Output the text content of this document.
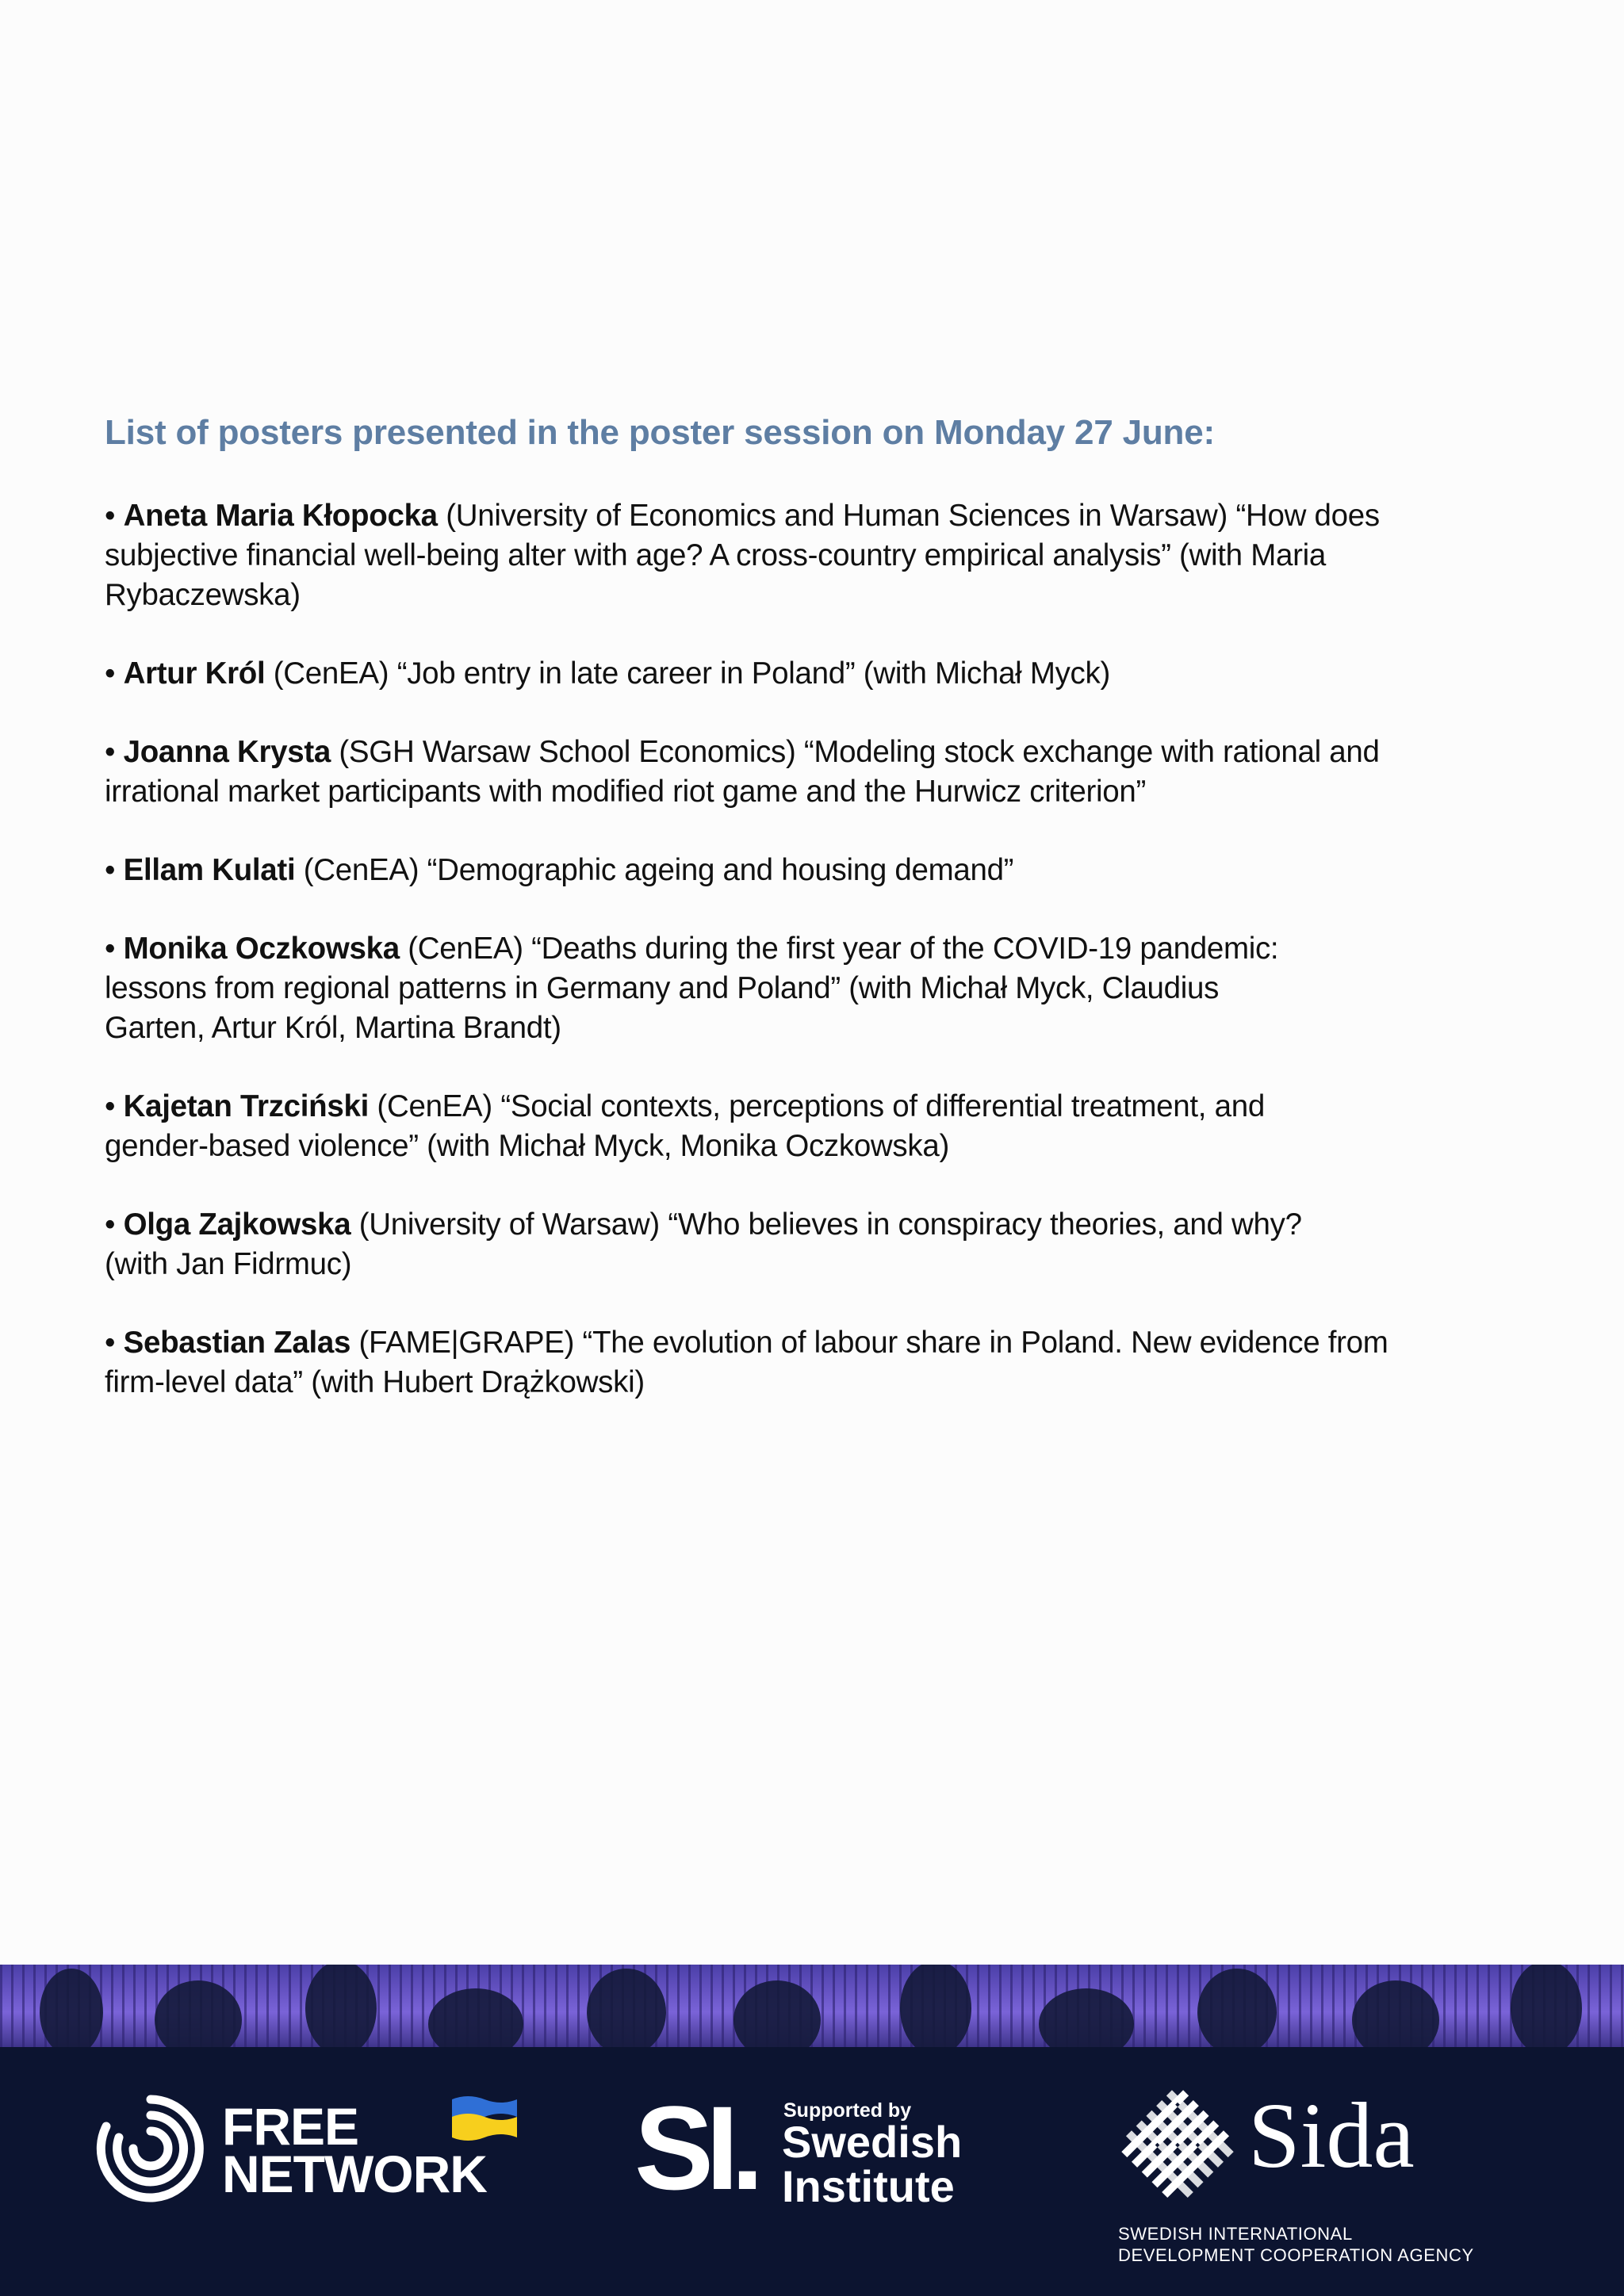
List of posters presented in the poster session on Monday 27 June:
• Aneta Maria Kłopocka (University of Economics and Human Sciences in Warsaw) “How does
subjective financial well-being alter with age? A cross-country empirical analysis” (with Maria
Rybaczewska)
• Artur Król (CenEA) “Job entry in late career in Poland” (with Michał Myck)
• Joanna Krysta (SGH Warsaw School Economics) “Modeling stock exchange with rational and
irrational market participants with modified riot game and the Hurwicz criterion”
• Ellam Kulati (CenEA) “Demographic ageing and housing demand”
• Monika Oczkowska (CenEA) “Deaths during the first year of the COVID-19 pandemic:
lessons from regional patterns in Germany and Poland” (with Michał Myck, Claudius
Garten, Artur Król, Martina Brandt)
• Kajetan Trzciński (CenEA) “Social contexts, perceptions of differential treatment, and
gender-based violence” (with Michał Myck, Monika Oczkowska)
• Olga Zajkowska (University of Warsaw) “Who believes in conspiracy theories, and why?
(with Jan Fidrmuc)
• Sebastian Zalas (FAME|GRAPE) “The evolution of labour share in Poland. New evidence from
firm-level data” (with Hubert Drążkowski)
FREE
NETWORK SI. Supported by
Swedish
Institute	Sida
SWEDISH INTERNATIONAL
DEVELOPMENT COOPERATION AGENCY
